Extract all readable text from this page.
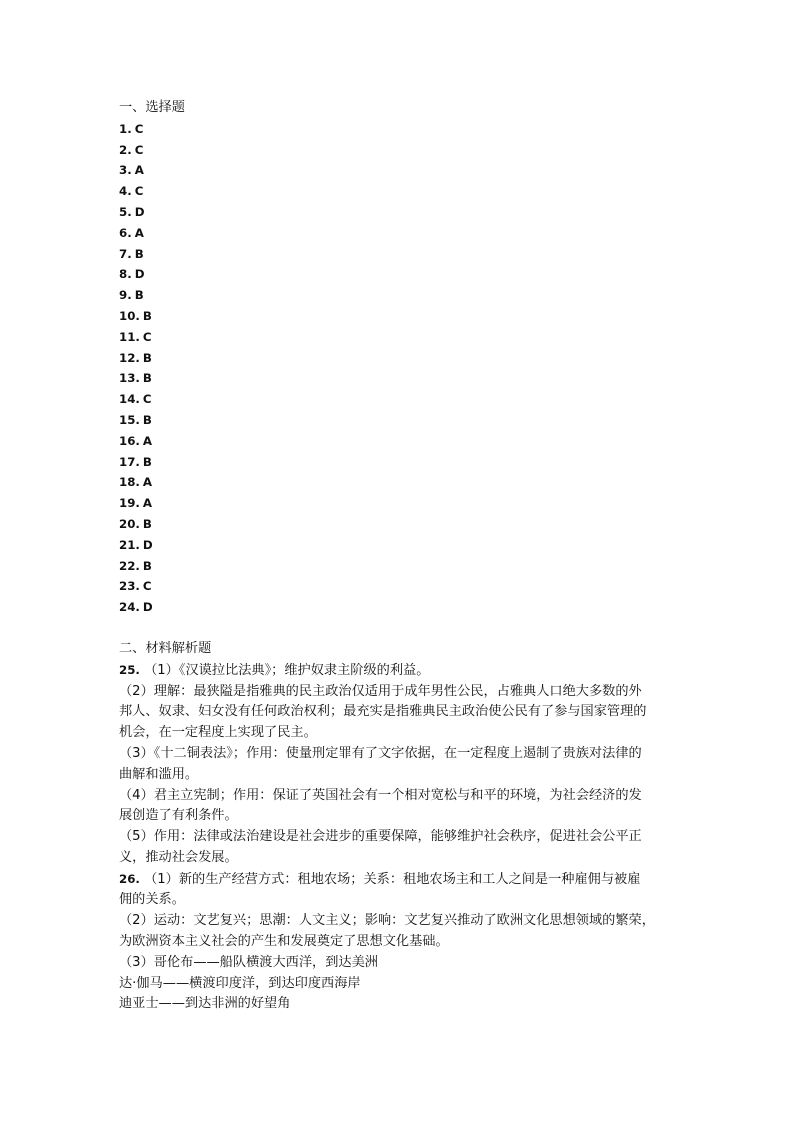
一、选择题
1. C
2. C
3. A
4. C
5. D
6. A
7. B
8. D
9. B
10. B
11. C
12. B
13. B
14. C
15. B
16. A
17. B
18. A
19. A
20. B
21. D
22. B
23. C
24. D
二、材料解析题
25. （1）《汉谟拉比法典》；维护奴隶主阶级的利益。
（2）理解：最狭隘是指雅典的民主政治仅适用于成年男性公民，占雅典人口绝大多数的外
邦人、奴隶、妇女没有任何政治权利；最充实是指雅典民主政治使公民有了参与国家管理的
机会，在一定程度上实现了民主。
（3）《十二铜表法》；作用：使量刑定罪有了文字依据，在一定程度上遏制了贵族对法律的
曲解和滥用。
（4）君主立宪制；作用：保证了英国社会有一个相对宽松与和平的环境，为社会经济的发
展创造了有利条件。
（5）作用：法律或法治建设是社会进步的重要保障，能够维护社会秩序，促进社会公平正
义，推动社会发展。
26. （1）新的生产经营方式：租地农场；关系：租地农场主和工人之间是一种雇佣与被雇
佣的关系。
（2）运动：文艺复兴；思潮：人文主义；影响：文艺复兴推动了欧洲文化思想领域的繁荣，
为欧洲资本主义社会的产生和发展奠定了思想文化基础。
（3）哥伦布——船队横渡大西洋，到达美洲
达·伽马——横渡印度洋，到达印度西海岸
迪亚士——到达非洲的好望角
